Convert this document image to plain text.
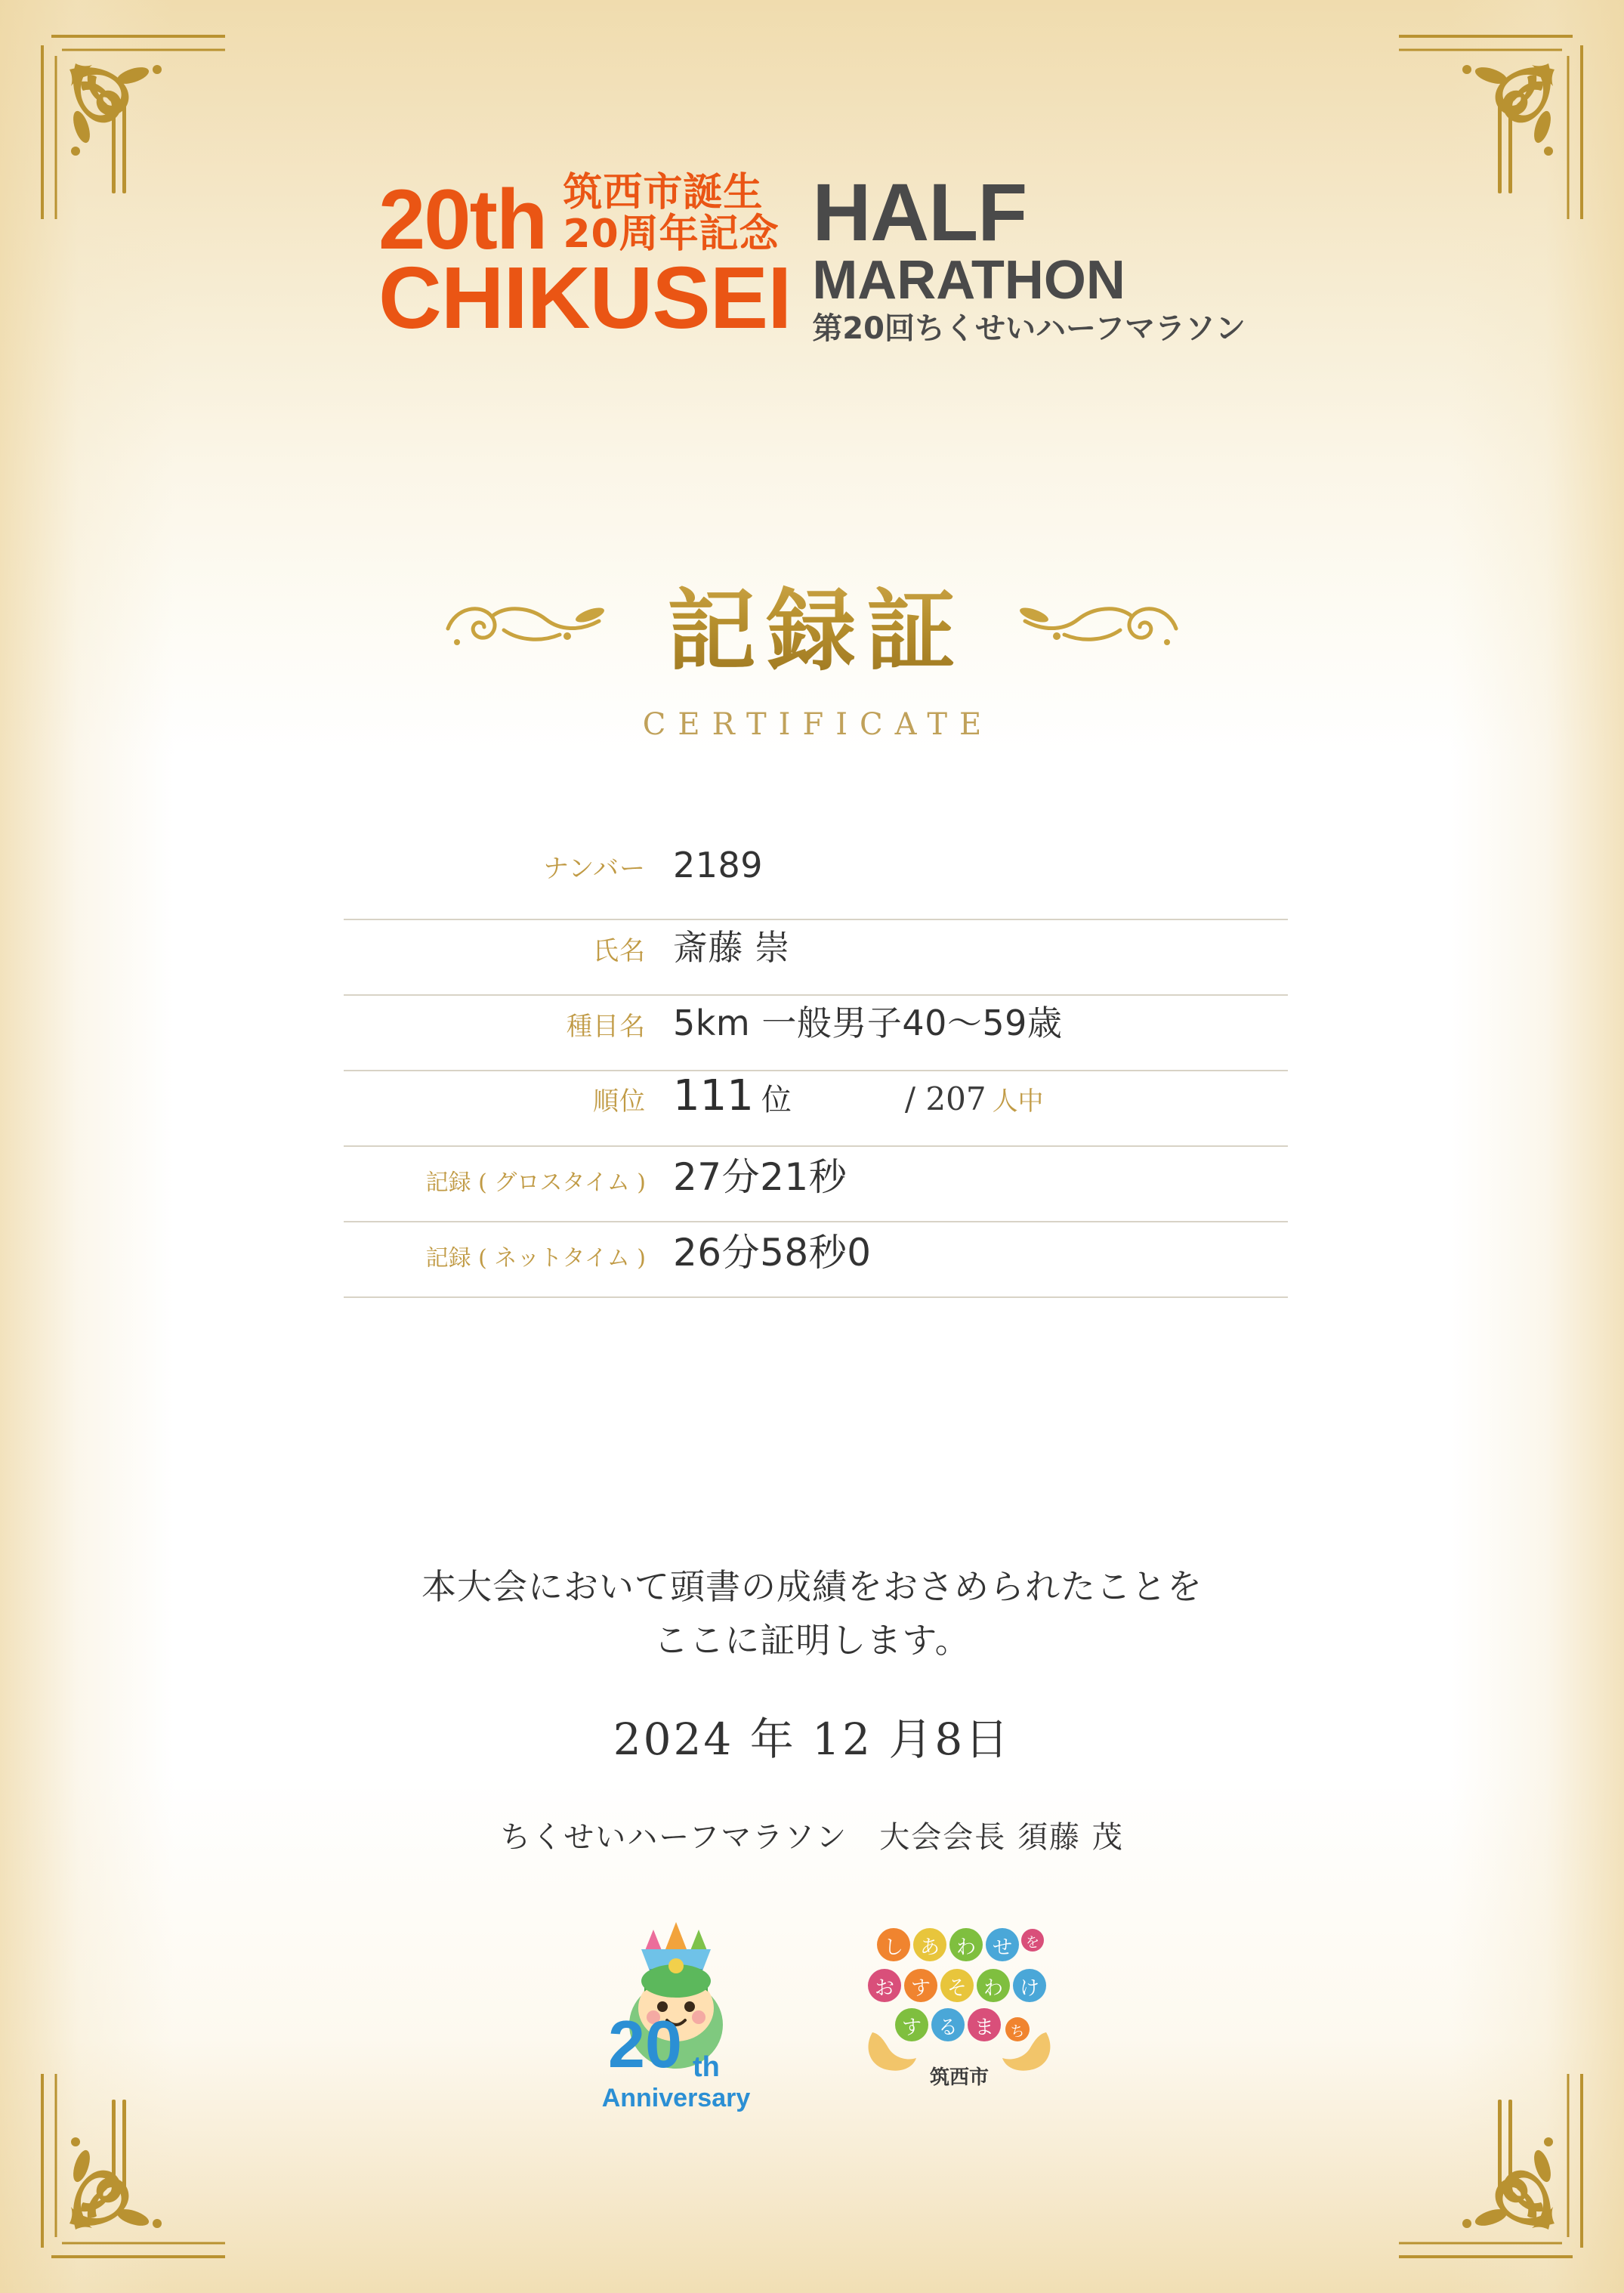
20th 筑西市誕生
20周年記念
CHIKUSEI
HALF
MARATHON
第20回ちくせいハーフマラソン
記録証
CERTIFICATE
ナンバー 2189
氏名 斎藤 崇
種目名 5km 一般男子40〜59歳
順位 111 位	/ 207 人中
記録 ( グロスタイム ) 27分21秒
記録 ( ネットタイム ) 26分58秒0
本大会において頭書の成績をおさめられたことを
ここに証明します。
2024 年 12 月8日
ちくせいハーフマラソン　大会会長 須藤 茂
20 th
Anniversary
し あ わ せ を
お す そ わ け
す る ま ち
筑西市
